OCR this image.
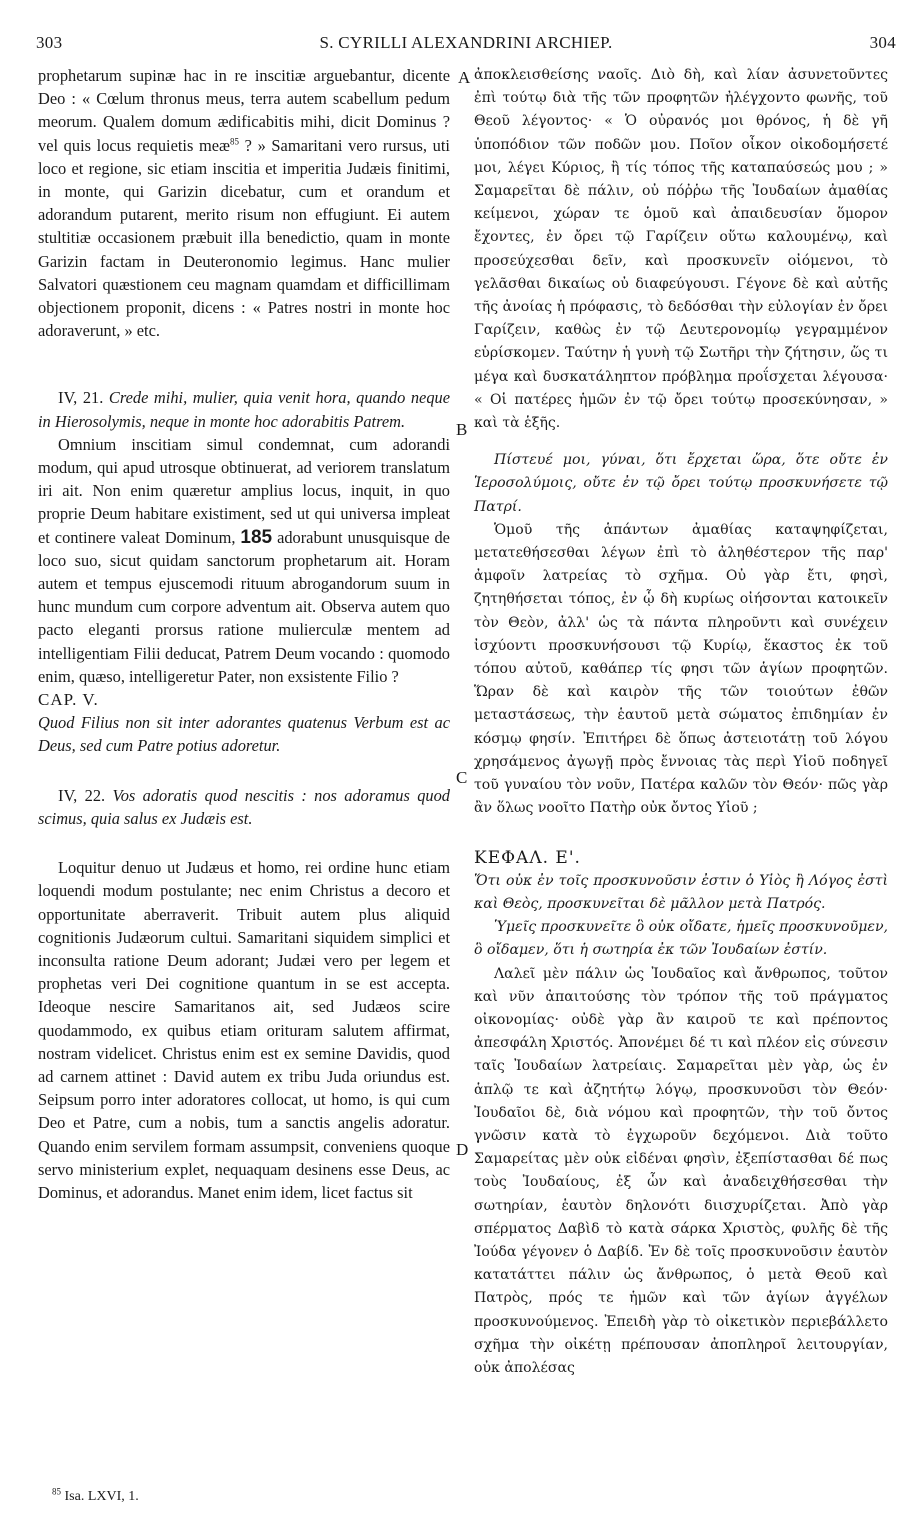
303	S. CYRILLI ALEXANDRINI ARCHIEP.	304

prophetarum supinæ hac in re inscitiæ arguebantur, dicente Deo : « Cœlum thronus meus, terra autem scabellum pedum meorum. Qualem domum ædificabitis mihi, dicit Dominus ? vel quis locus requietis meæ$^{85}$ ? » Samaritani vero rursus, uti loco et regione, sic etiam inscitia et imperitia Judæis finitimi, in monte, qui Garizin dicebatur, cum et orandum et adorandum putarent, merito risum non effugiunt. Ei autem stultitiæ occasionem præbuit illa benedictio, quam in monte Garizin factam in Deuteronomio legimus. Hanc mulier Salvatori quæstionem ceu magnam quamdam et difficillimam objectionem proponit, dicens : « Patres nostri in monte hoc adoraverunt, » etc.

IV, 21. Crede mihi, mulier, quia venit hora, quando neque in Hierosolymis, neque in monte hoc adorabitis Patrem.

Omnium inscitiam simul condemnat, cum adorandi modum, qui apud utrosque obtinuerat, ad veriorem translatum iri ait. Non enim quæretur amplius locus, inquit, in quo proprie Deum habitare existiment, sed ut qui universa impleat et continere valeat Dominum, 185 adorabunt unusquisque de loco suo, sicut quidam sanctorum prophetarum ait. Horam autem et tempus ejuscemodi rituum abrogandorum suum in hunc mundum cum corpore adventum ait. Observa autem quo pacto eleganti prorsus ratione mulierculæ mentem ad intelligentiam Filii deducat, Patrem Deum vocando : quomodo enim, quæso, intelligeretur Pater, non exsistente Filio ?

CAP. V.

Quod Filius non sit inter adorantes quatenus Verbum est ac Deus, sed cum Patre potius adoretur.

IV, 22. Vos adoratis quod nescitis : nos adoramus quod scimus, quia salus ex Judæis est.

Loquitur denuo ut Judæus et homo, rei ordine hunc etiam loquendi modum postulante; nec enim Christus a decoro et opportunitate aberraverit. Tribuit autem plus aliquid cognitionis Judæorum cultui. Samaritani siquidem simplici et inconsulta ratione Deum adorant; Judæi vero per legem et prophetas veri Dei cognitione quantum in se est accepta. Ideoque nescire Samaritanos ait, sed Judæos scire quodammodo, ex quibus etiam orituram salutem affirmat, nostram videlicet. Christus enim est ex semine Davidis, quod ad carnem attinet : David autem ex tribu Juda oriundus est. Seipsum porro inter adoratores collocat, ut homo, is qui cum Deo et Patre, cum a nobis, tum a sanctis angelis adoratur. Quando enim servilem formam assumpsit, conveniens quoque servo ministerium explet, nequaquam desinens esse Deus, ac Dominus, et adorandus. Manet enim idem, licet factus sit

A
B
C
D

ἀποκλεισθείσης ναοῖς. Διὸ δὴ, καὶ λίαν ἀσυνετοῦντες ἐπὶ τούτῳ διὰ τῆς τῶν προφητῶν ἠλέγχοντο φωνῆς, τοῦ Θεοῦ λέγοντος· « Ὁ οὐρανός μοι θρόνος, ἡ δὲ γῆ ὑποπόδιον τῶν ποδῶν μου. Ποῖον οἶκον οἰκοδομήσετέ μοι, λέγει Κύριος, ἢ τίς τόπος τῆς καταπαύσεώς μου ; » Σαμαρεῖται δὲ πάλιν, οὐ πόῤῥω τῆς Ἰουδαίων ἀμαθίας κείμενοι, χώραν τε ὁμοῦ καὶ ἀπαιδευσίαν ὅμορον ἔχοντες, ἐν ὄρει τῷ Γαρίζειν οὕτω καλουμένῳ, καὶ προσεύχεσθαι δεῖν, καὶ προσκυνεῖν οἰόμενοι, τὸ γελᾶσθαι δικαίως οὐ διαφεύγουσι. Γέγονε δὲ καὶ αὐτῆς τῆς ἀνοίας ἡ πρόφασις, τὸ δεδόσθαι τὴν εὐλογίαν ἐν ὄρει Γαρίζειν, καθὼς ἐν τῷ Δευτερονομίῳ γεγραμμένον εὑρίσκομεν. Ταύτην ἡ γυνὴ τῷ Σωτῆρι τὴν ζήτησιν, ὥς τι μέγα καὶ δυσκατάληπτον πρόβλημα προΐσχεται λέγουσα· « Οἱ πατέρες ἡμῶν ἐν τῷ ὄρει τούτῳ προσεκύνησαν, » καὶ τὰ ἑξῆς.

Πίστευέ μοι, γύναι, ὅτι ἔρχεται ὥρα, ὅτε οὔτε ἐν Ἱεροσολύμοις, οὔτε ἐν τῷ ὄρει τούτῳ προσκυνήσετε τῷ Πατρί.

Ὁμοῦ τῆς ἁπάντων ἀμαθίας καταψηφίζεται, μετατεθήσεσθαι λέγων ἐπὶ τὸ ἀληθέστερον τῆς παρ' ἀμφοῖν λατρείας τὸ σχῆμα. Οὐ γὰρ ἔτι, φησὶ, ζητηθήσεται τόπος, ἐν ᾧ δὴ κυρίως οἰήσονται κατοικεῖν τὸν Θεὸν, ἀλλ' ὡς τὰ πάντα πληροῦντι καὶ συνέχειν ἰσχύοντι προσκυνήσουσι τῷ Κυρίῳ, ἕκαστος ἐκ τοῦ τόπου αὐτοῦ, καθάπερ τίς φησι τῶν ἁγίων προφητῶν. Ὥραν δὲ καὶ καιρὸν τῆς τῶν τοιούτων ἐθῶν μεταστάσεως, τὴν ἑαυτοῦ μετὰ σώματος ἐπιδημίαν ἐν κόσμῳ φησίν. Ἐπιτήρει δὲ ὅπως ἀστειοτάτῃ τοῦ λόγου χρησάμενος ἀγωγῇ πρὸς ἔννοιας τὰς περὶ Υἱοῦ ποδηγεῖ τοῦ γυναίου τὸν νοῦν, Πατέρα καλῶν τὸν Θεόν· πῶς γὰρ ἂν ὅλως νοοῖτο Πατὴρ οὐκ ὄντος Υἱοῦ ;

ΚΕΦΑΛ. Ε'.

Ὅτι οὐκ ἐν τοῖς προσκυνοῦσιν ἐστιν ὁ Υἱὸς ἢ Λόγος ἐστὶ καὶ Θεὸς, προσκυνεῖται δὲ μᾶλλον μετὰ Πατρός.

Ὑμεῖς προσκυνεῖτε ὃ οὐκ οἴδατε, ἡμεῖς προσκυνοῦμεν, ὃ οἴδαμεν, ὅτι ἡ σωτηρία ἐκ τῶν Ἰουδαίων ἐστίν.

Λαλεῖ μὲν πάλιν ὡς Ἰουδαῖος καὶ ἄνθρωπος, τοῦτον καὶ νῦν ἀπαιτούσης τὸν τρόπον τῆς τοῦ πράγματος οἰκονομίας· οὐδὲ γὰρ ἂν καιροῦ τε καὶ πρέποντος ἀπεσφάλη Χριστός. Ἀπονέμει δέ τι καὶ πλέον εἰς σύνεσιν ταῖς Ἰουδαίων λατρείαις. Σαμαρεῖται μὲν γὰρ, ὡς ἐν ἁπλῷ τε καὶ ἀζητήτῳ λόγῳ, προσκυνοῦσι τὸν Θεόν· Ἰουδαῖοι δὲ, διὰ νόμου καὶ προφητῶν, τὴν τοῦ ὄντος γνῶσιν κατὰ τὸ ἐγχωροῦν δεχόμενοι. Διὰ τοῦτο Σαμαρείτας μὲν οὐκ εἰδέναι φησὶν, ἐξεπίστασθαι δέ πως τοὺς Ἰουδαίους, ἐξ ὧν καὶ ἀναδειχθήσεσθαι τὴν σωτηρίαν, ἑαυτὸν δηλονότι διισχυρίζεται. Ἀπὸ γὰρ σπέρματος Δαβὶδ τὸ κατὰ σάρκα Χριστὸς, φυλῆς δὲ τῆς Ἰούδα γέγονεν ὁ Δαβίδ. Ἐν δὲ τοῖς προσκυνοῦσιν ἑαυτὸν κατατάττει πάλιν ὡς ἄνθρωπος, ὁ μετὰ Θεοῦ καὶ Πατρὸς, πρός τε ἡμῶν καὶ τῶν ἁγίων ἀγγέλων προσκυνούμενος. Ἐπειδὴ γὰρ τὸ οἰκετικὸν περιεβάλλετο σχῆμα τὴν οἰκέτῃ πρέπουσαν ἀποπληροῖ λειτουργίαν, οὐκ ἀπολέσας

$^{85}$ Isa. LXVI, 1.
